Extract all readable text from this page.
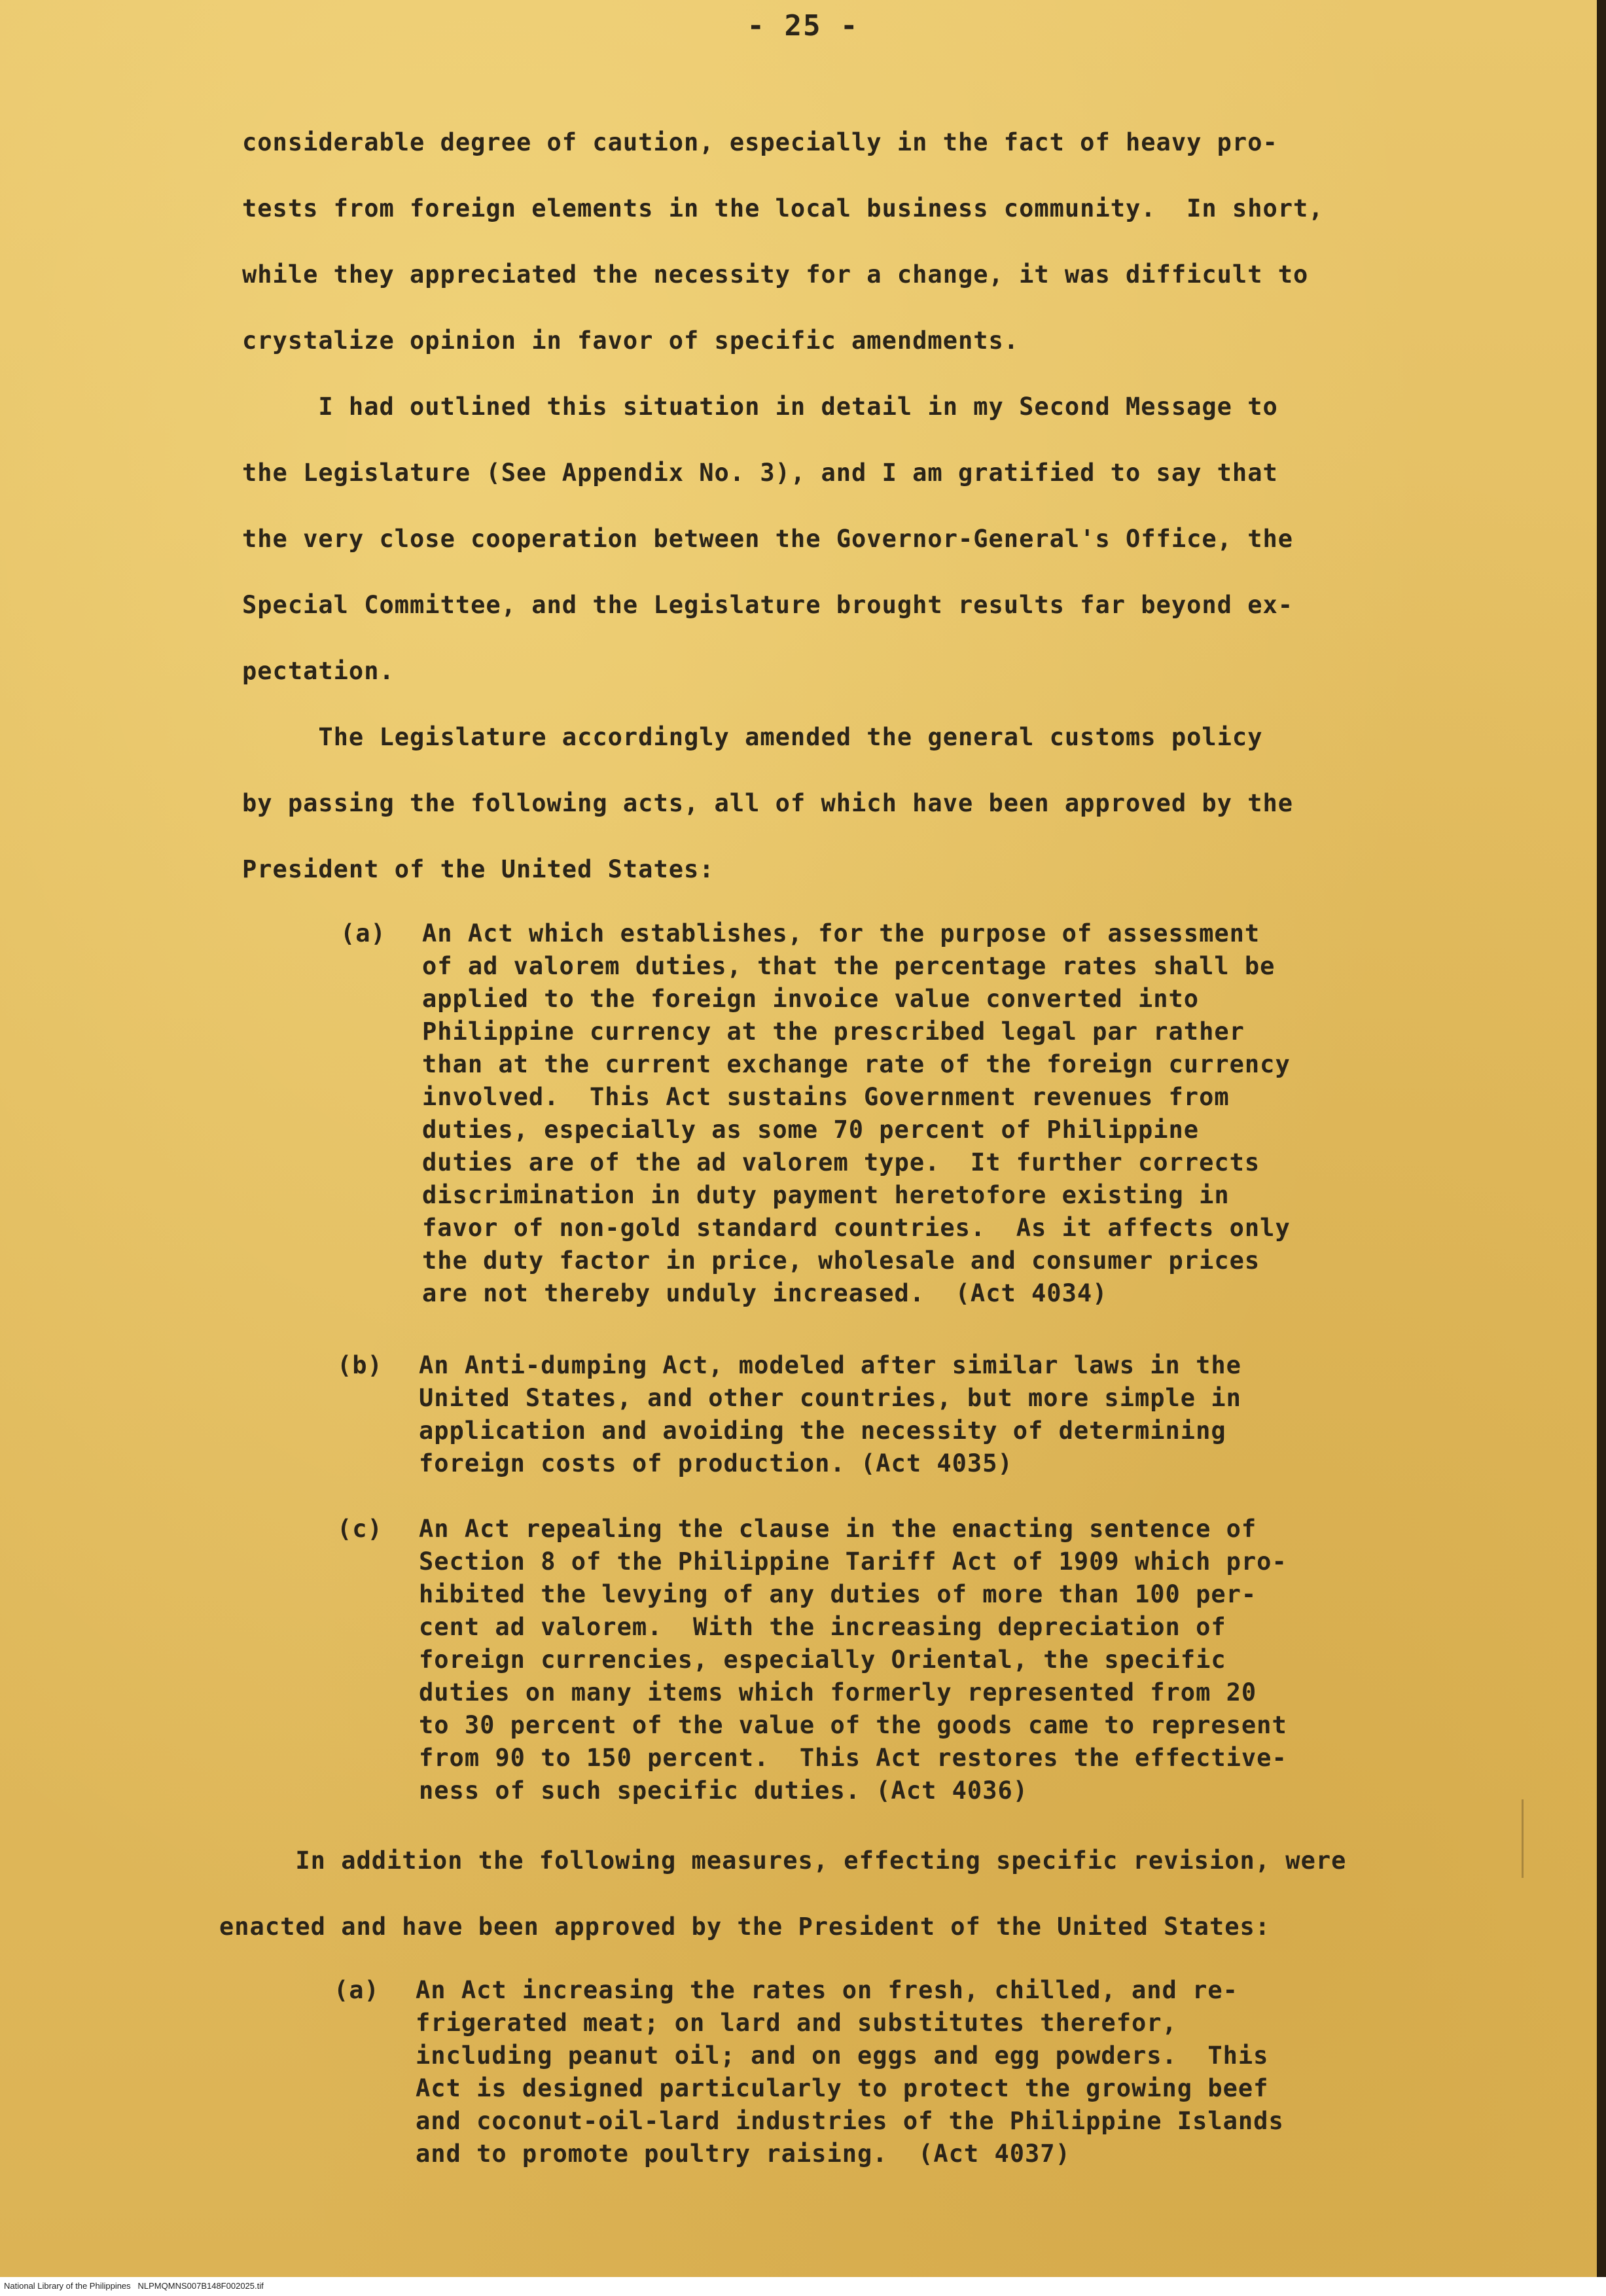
- 25 -

considerable degree of caution, especially in the fact of heavy pro-

tests from foreign elements in the local business community.  In short,

while they appreciated the necessity for a change, it was difficult to

crystalize opinion in favor of specific amendments.

I had outlined this situation in detail in my Second Message to

the Legislature (See Appendix No. 3), and I am gratified to say that

the very close cooperation between the Governor-General's Office, the

Special Committee, and the Legislature brought results far beyond ex-

pectation.

The Legislature accordingly amended the general customs policy

by passing the following acts, all of which have been approved by the

President of the United States:

(a) An Act which establishes, for the purpose of assessment
of ad valorem duties, that the percentage rates shall be
applied to the foreign invoice value converted into
Philippine currency at the prescribed legal par rather
than at the current exchange rate of the foreign currency
involved.  This Act sustains Government revenues from
duties, especially as some 70 percent of Philippine
duties are of the ad valorem type.  It further corrects
discrimination in duty payment heretofore existing in
favor of non-gold standard countries.  As it affects only
the duty factor in price, wholesale and consumer prices
are not thereby unduly increased.  (Act 4034)
(b) An Anti-dumping Act, modeled after similar laws in the
United States, and other countries, but more simple in
application and avoiding the necessity of determining
foreign costs of production. (Act 4035)
(c) An Act repealing the clause in the enacting sentence of
Section 8 of the Philippine Tariff Act of 1909 which pro-
hibited the levying of any duties of more than 100 per-
cent ad valorem.  With the increasing depreciation of
foreign currencies, especially Oriental, the specific
duties on many items which formerly represented from 20
to 30 percent of the value of the goods came to represent
from 90 to 150 percent.  This Act restores the effective-
ness of such specific duties. (Act 4036)

In addition the following measures, effecting specific revision, were

enacted and have been approved by the President of the United States:

(a) An Act increasing the rates on fresh, chilled, and re-
frigerated meat; on lard and substitutes therefor,
including peanut oil; and on eggs and egg powders.  This
Act is designed particularly to protect the growing beef
and coconut-oil-lard industries of the Philippine Islands
and to promote poultry raising.  (Act 4037)
National Library of the Philippines NLPMQMNS007B148F002025.tif
